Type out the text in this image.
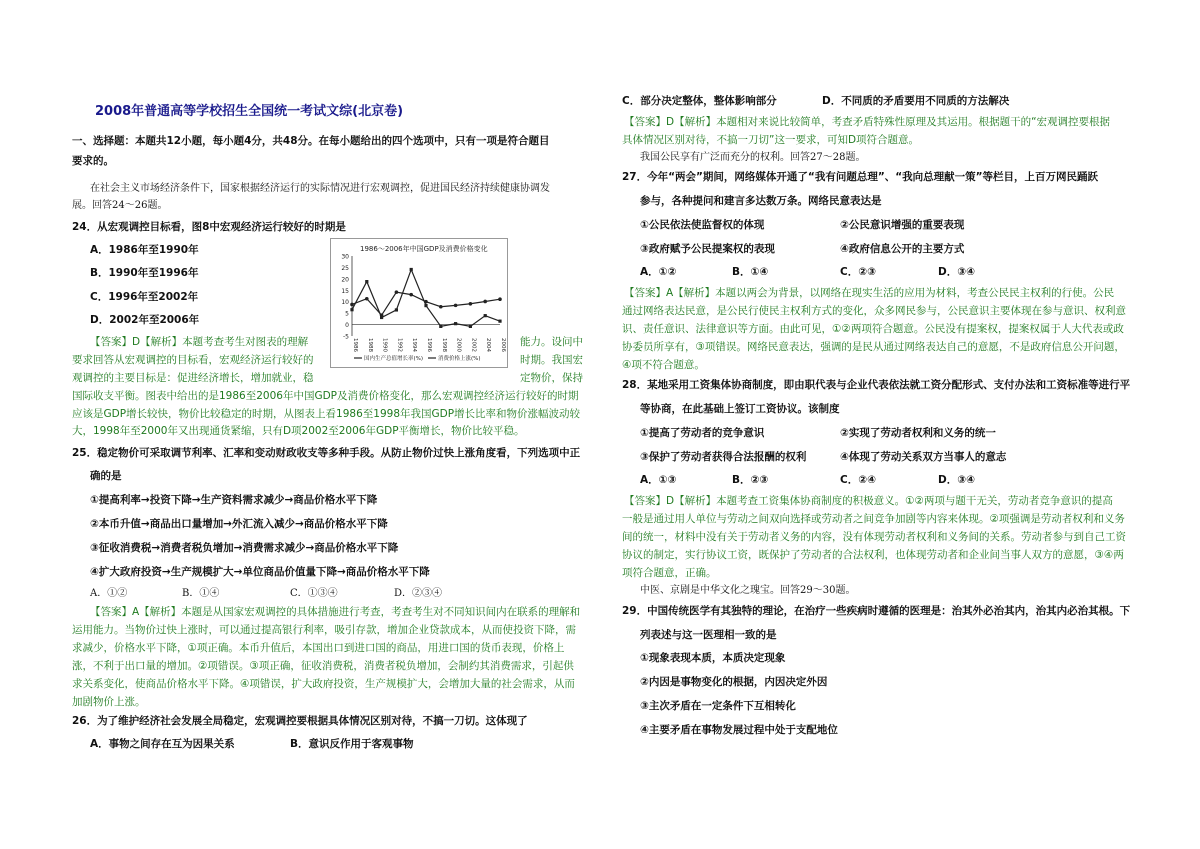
2008年普通高等学校招生全国统一考试文综(北京卷)
一、选择题：本题共12小题，每小题4分，共48分。在每小题给出的四个选项中，只有一项是符合题目
要求的。
在社会主义市场经济条件下，国家根据经济运行的实际情况进行宏观调控，促进国民经济持续健康协调发
展。回答24～26题。
24．从宏观调控目标看，图8中宏观经济运行较好的时期是
A．1986年至1990年
B．1990年至1996年
C．1996年至2002年
D．2002年至2006年
【答案】D【解析】本题考查考生对图表的理解
要求回答从宏观调控的目标看，宏观经济运行较好的
观调控的主要目标是：促进经济增长，增加就业，稳
能力。设问中
时期。我国宏
定物价，保持
国际收支平衡。图表中给出的是1986至2006年中国GDP及消费价格变化，那么宏观调控经济运行较好的时期
应该是GDP增长较快，物价比较稳定的时期，从图表上看1986至1998年我国GDP增长比率和物价涨幅波动较
大，1998年至2000年又出现通货紧缩，只有D项2002至2006年GDP平衡增长，物价比较平稳。
25．稳定物价可采取调节利率、汇率和变动财政收支等多种手段。从防止物价过快上涨角度看，下列选项中正
确的是
①提高利率→投资下降→生产资料需求减少→商品价格水平下降
②本币升值→商品出口量增加→外汇流入减少→商品价格水平下降
③征收消费税→消费者税负增加→消费需求减少→商品价格水平下降
④扩大政府投资→生产规模扩大→单位商品价值量下降→商品价格水平下降
A．①②	B．①④	C．①③④	D．②③④
【答案】A【解析】本题是从国家宏观调控的具体措施进行考查，考查考生对不同知识间内在联系的理解和
运用能力。当物价过快上涨时，可以通过提高银行利率，吸引存款，增加企业贷款成本，从而使投资下降，需
求减少，价格水平下降，①项正确。本币升值后，本国出口到进口国的商品，用进口国的货币表现，价格上
涨，不利于出口量的增加。②项错误。③项正确，征收消费税，消费者税负增加，会制约其消费需求，引起供
求关系变化，使商品价格水平下降。④项错误，扩大政府投资，生产规模扩大，会增加大量的社会需求，从而
加剧物价上涨。
26．为了维护经济社会发展全局稳定，宏观调控要根据具体情况区别对待，不搞一刀切。这体现了
A．事物之间存在互为因果关系	B．意识反作用于客观事物
1986～2006年中国GDP及消费价格变化
30
25
20
15
10
5
0
-5
1986 1988 1990 1992 1994 1996 1998 2000 2002 2004 2006
国内生产总值增长率(%)	消费价格上涨(%)
C．部分决定整体，整体影响部分	D．不同质的矛盾要用不同质的方法解决
【答案】D【解析】本题相对来说比较简单，考查矛盾特殊性原理及其运用。根据题干的“宏观调控要根据
具体情况区别对待，不搞一刀切”这一要求，可知D项符合题意。
我国公民享有广泛而充分的权利。回答27～28题。
27．今年“两会”期间，网络媒体开通了“我有问题总理”、“我向总理献一策”等栏目，上百万网民踊跃
参与，各种提问和建言多达数万条。网络民意表达是
①公民依法使监督权的体现	②公民意识增强的重要表现
③政府赋予公民提案权的表现	④政府信息公开的主要方式
A．①②	B．①④	C．②③	D．③④
【答案】A【解析】本题以两会为背景，以网络在现实生活的应用为材料，考查公民民主权利的行使。公民
通过网络表达民意，是公民行使民主权利方式的变化，众多网民参与，公民意识主要体现在参与意识、权利意
识、责任意识、法律意识等方面。由此可见，①②两项符合题意。公民没有提案权，提案权属于人大代表或政
协委员所享有，③项错误。网络民意表达，强调的是民从通过网络表达自己的意愿，不是政府信息公开问题，
④项不符合题意。
28．某地采用工资集体协商制度，即由职代表与企业代表依法就工资分配形式、支付办法和工资标准等进行平
等协商，在此基础上签订工资协议。该制度
①提高了劳动者的竞争意识	②实现了劳动者权利和义务的统一
③保护了劳动者获得合法报酬的权利	④体现了劳动关系双方当事人的意志
A．①③	B．②③	C．②④	D．③④
【答案】D【解析】本题考查工资集体协商制度的积极意义。①②两项与题干无关，劳动者竞争意识的提高
一般是通过用人单位与劳动之间双向选择或劳动者之间竞争加剧等内容来体现。②项强调是劳动者权利和义务
间的统一，材料中没有关于劳动者义务的内容，没有体现劳动者权利和义务间的关系。劳动者参与到自己工资
协议的制定，实行协议工资，既保护了劳动者的合法权利，也体现劳动者和企业间当事人双方的意愿，③④两
项符合题意，正确。
中医、京剧是中华文化之瑰宝。回答29～30题。
29．中国传统医学有其独特的理论，在治疗一些疾病时遵循的医理是：治其外必治其内，治其内必治其根。下
列表述与这一医理相一致的是
①现象表现本质，本质决定现象
②内因是事物变化的根据，内因决定外因
③主次矛盾在一定条件下互相转化
④主要矛盾在事物发展过程中处于支配地位
